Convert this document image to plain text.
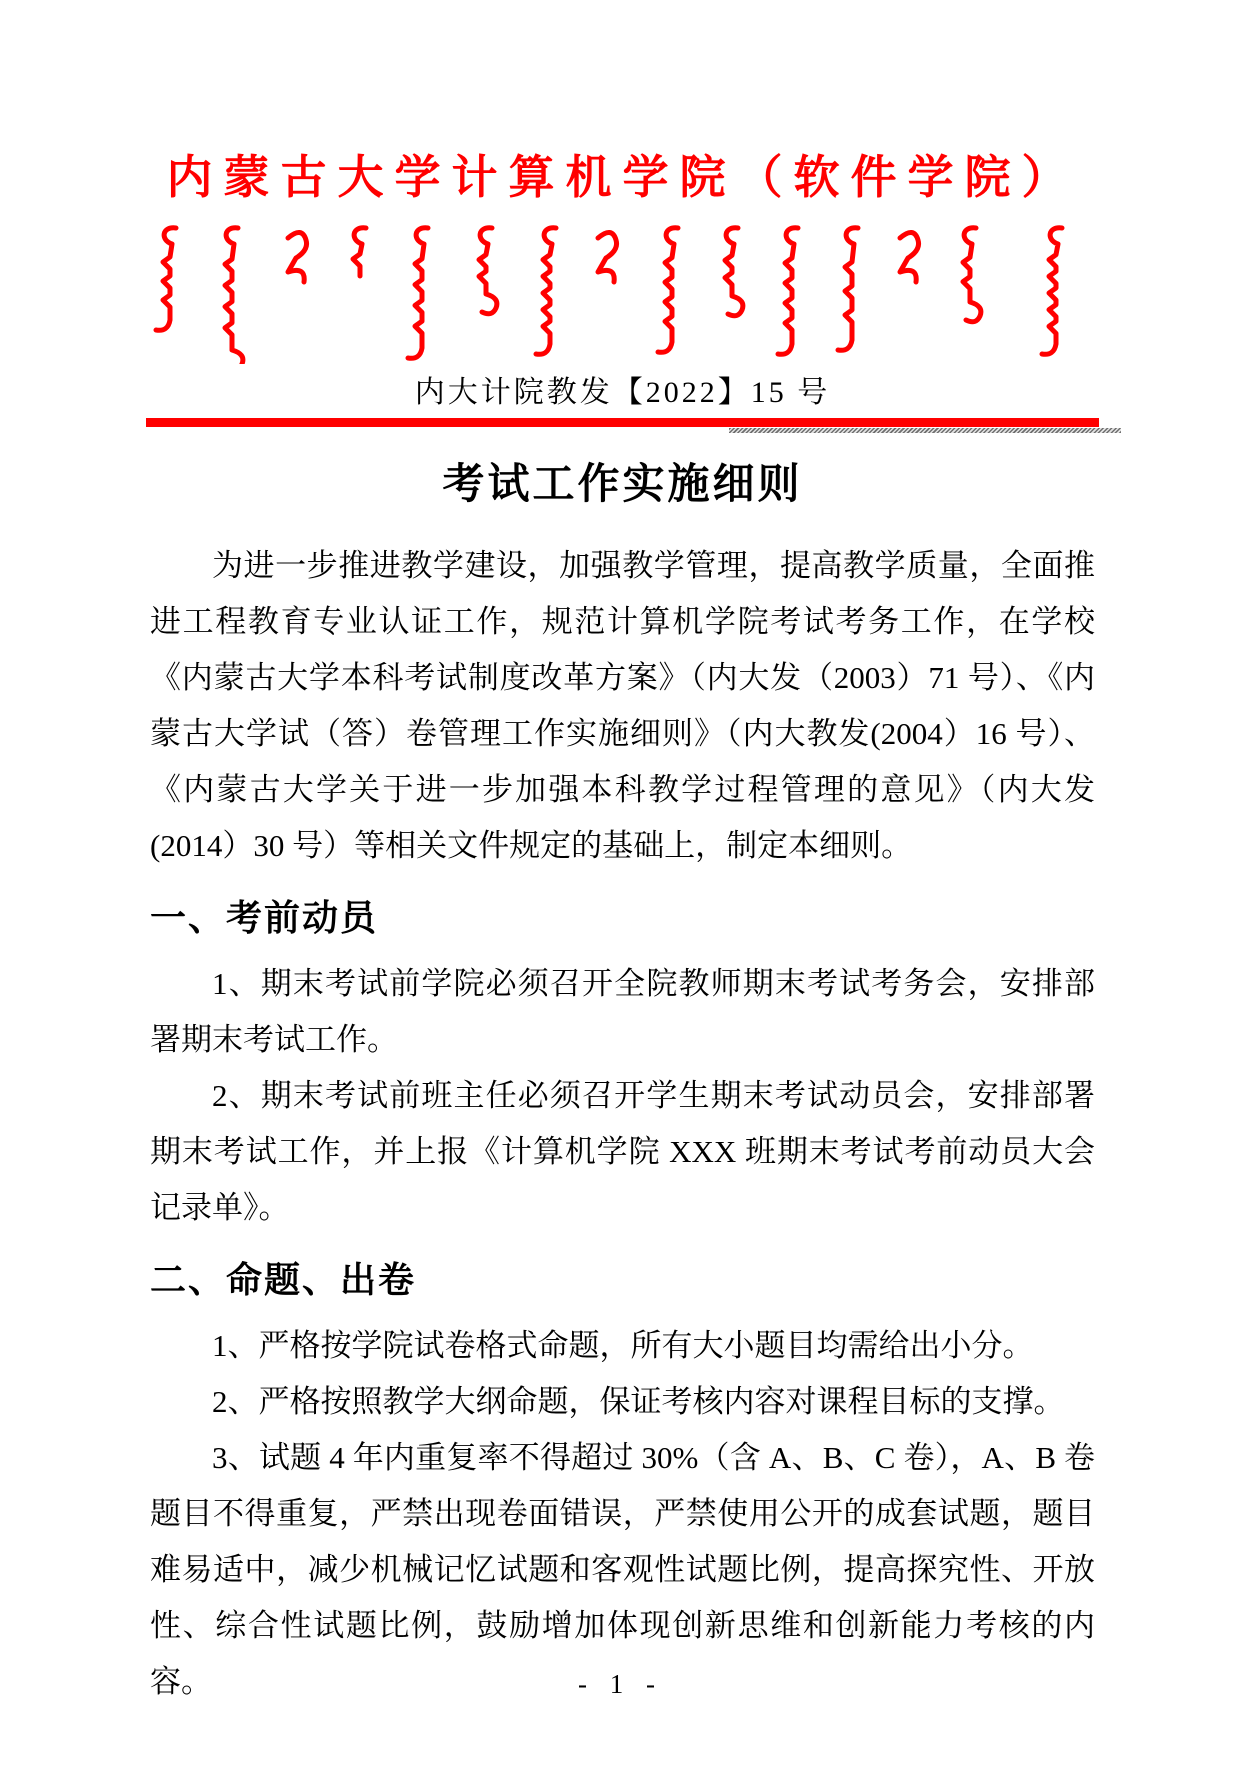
内蒙古大学计算机学院（软件学院）
内大计院教发【2022】15 号
考试工作实施细则

为进一步推进教学建设，加强教学管理，提高教学质量，全面推进工程教育专业认证工作，规范计算机学院考试考务工作，在学校《内蒙古大学本科考试制度改革方案》（内大发（2003）71 号）、《内蒙古大学试（答）卷管理工作实施细则》（内大教发(2004）16 号）、《内蒙古大学关于进一步加强本科教学过程管理的意见》（内大发(2014）30 号）等相关文件规定的基础上，制定本细则。

一、考前动员

1、期末考试前学院必须召开全院教师期末考试考务会，安排部署期末考试工作。

2、期末考试前班主任必须召开学生期末考试动员会，安排部署期末考试工作，并上报《计算机学院 XXX 班期末考试考前动员大会记录单》。

二、命题、出卷

1、严格按学院试卷格式命题，所有大小题目均需给出小分。

2、严格按照教学大纲命题，保证考核内容对课程目标的支撑。

3、试题 4 年内重复率不得超过 30%（含 A、B、C 卷），A、B 卷题目不得重复，严禁出现卷面错误，严禁使用公开的成套试题，题目难易适中，减少机械记忆试题和客观性试题比例，提高探究性、开放性、综合性试题比例，鼓励增加体现创新思维和创新能力考核的内容。	- 1 -
